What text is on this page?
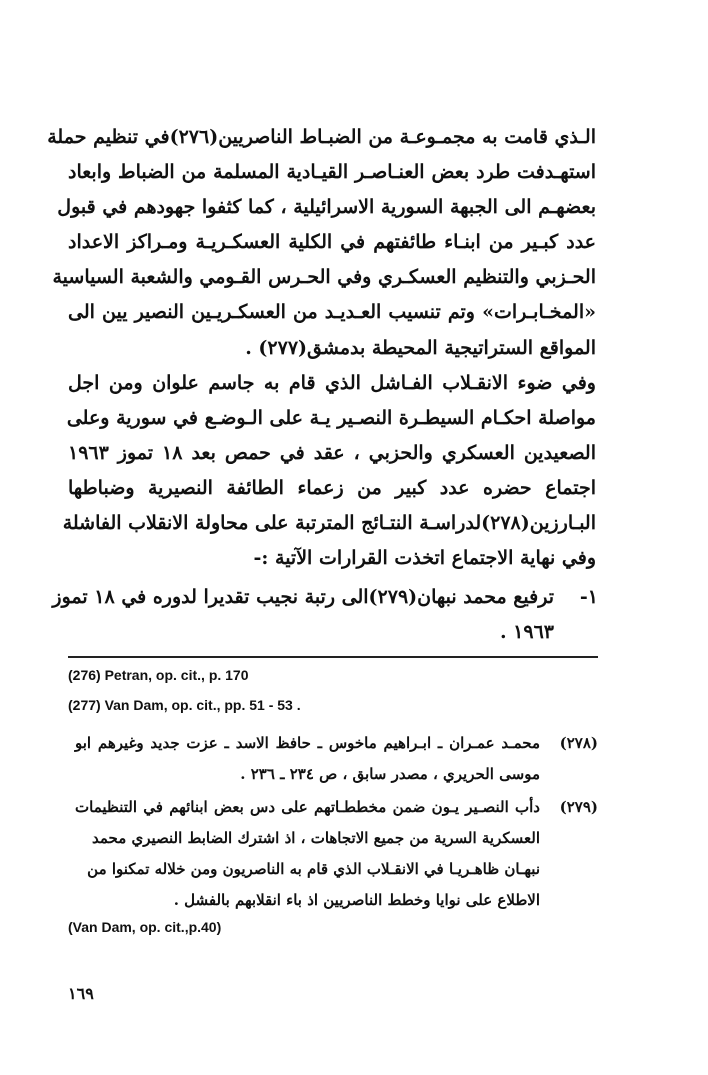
الـذي قامت به مجمـوعـة من الضبـاط الناصريين(٢٧٦)في تنظيم حملة
استهـدفت طرد بعض العنـاصـر القيـادية المسلمة من الضباط وابعاد
بعضهـم الى الجبهة السورية الاسرائيلية ، كما كثفوا جهودهم في قبول
عدد كبـير من ابنـاء طائفتهم في الكلية العسكـريـة ومـراكز الاعداد
الحـزبي والتنظيم العسكـري وفي الحـرس القـومي والشعبة السياسية
«المخـابـرات» وتم تنسيب العـديـد من العسكـريـين النصير يين الى
المواقع الستراتيجية المحيطة بدمشق(٢٧٧) .
وفي ضوء الانقـلاب الفـاشل الذي قام به جاسم علوان ومن اجل
مواصلة احكـام السيطـرة النصـير يـة على الـوضـع في سورية وعلى
الصعيدين العسكري والحزبي ، عقد في حمص بعد ١٨ تموز ١٩٦٣
اجتماع حضره عدد كبير من زعماء الطائفة النصيرية وضباطها
البـارزين(٢٧٨)لدراسـة النتـائج المترتبة على محاولة الانقلاب الفاشلة
وفي نهاية الاجتماع اتخذت القرارات الآتية :-
١-ترفيع محمد نبهان(٢٧٩)الى رتبة نجيب تقديرا لدوره في ١٨ تموز
١٩٦٣ .
(276) Petran, op. cit., p. 170
(277) Van Dam, op. cit., pp. 51 - 53 .
(٢٧٨)محمـد عمـران ـ ابـراهيم ماخوس ـ حافظ الاسد ـ عزت جديد وغيرهم ابو
موسى الحريري ، مصدر سابق ، ص ٢٣٤ ـ ٢٣٦ .
(٢٧٩)دأب النصـير يـون ضمن مخططـاتهم على دس بعض ابنائهم في التنظيمات
العسكرية السرية من جميع الاتجاهات ، اذ اشترك الضابط النصيري محمد
نبهـان ظاهـريـا في الانقـلاب الذي قام به الناصريون ومن خلاله تمكنوا من
الاطلاع على نوايا وخطط الناصريين اذ باء انقلابهم بالفشل .
(Van Dam, op. cit.,p.40)
١٦٩
